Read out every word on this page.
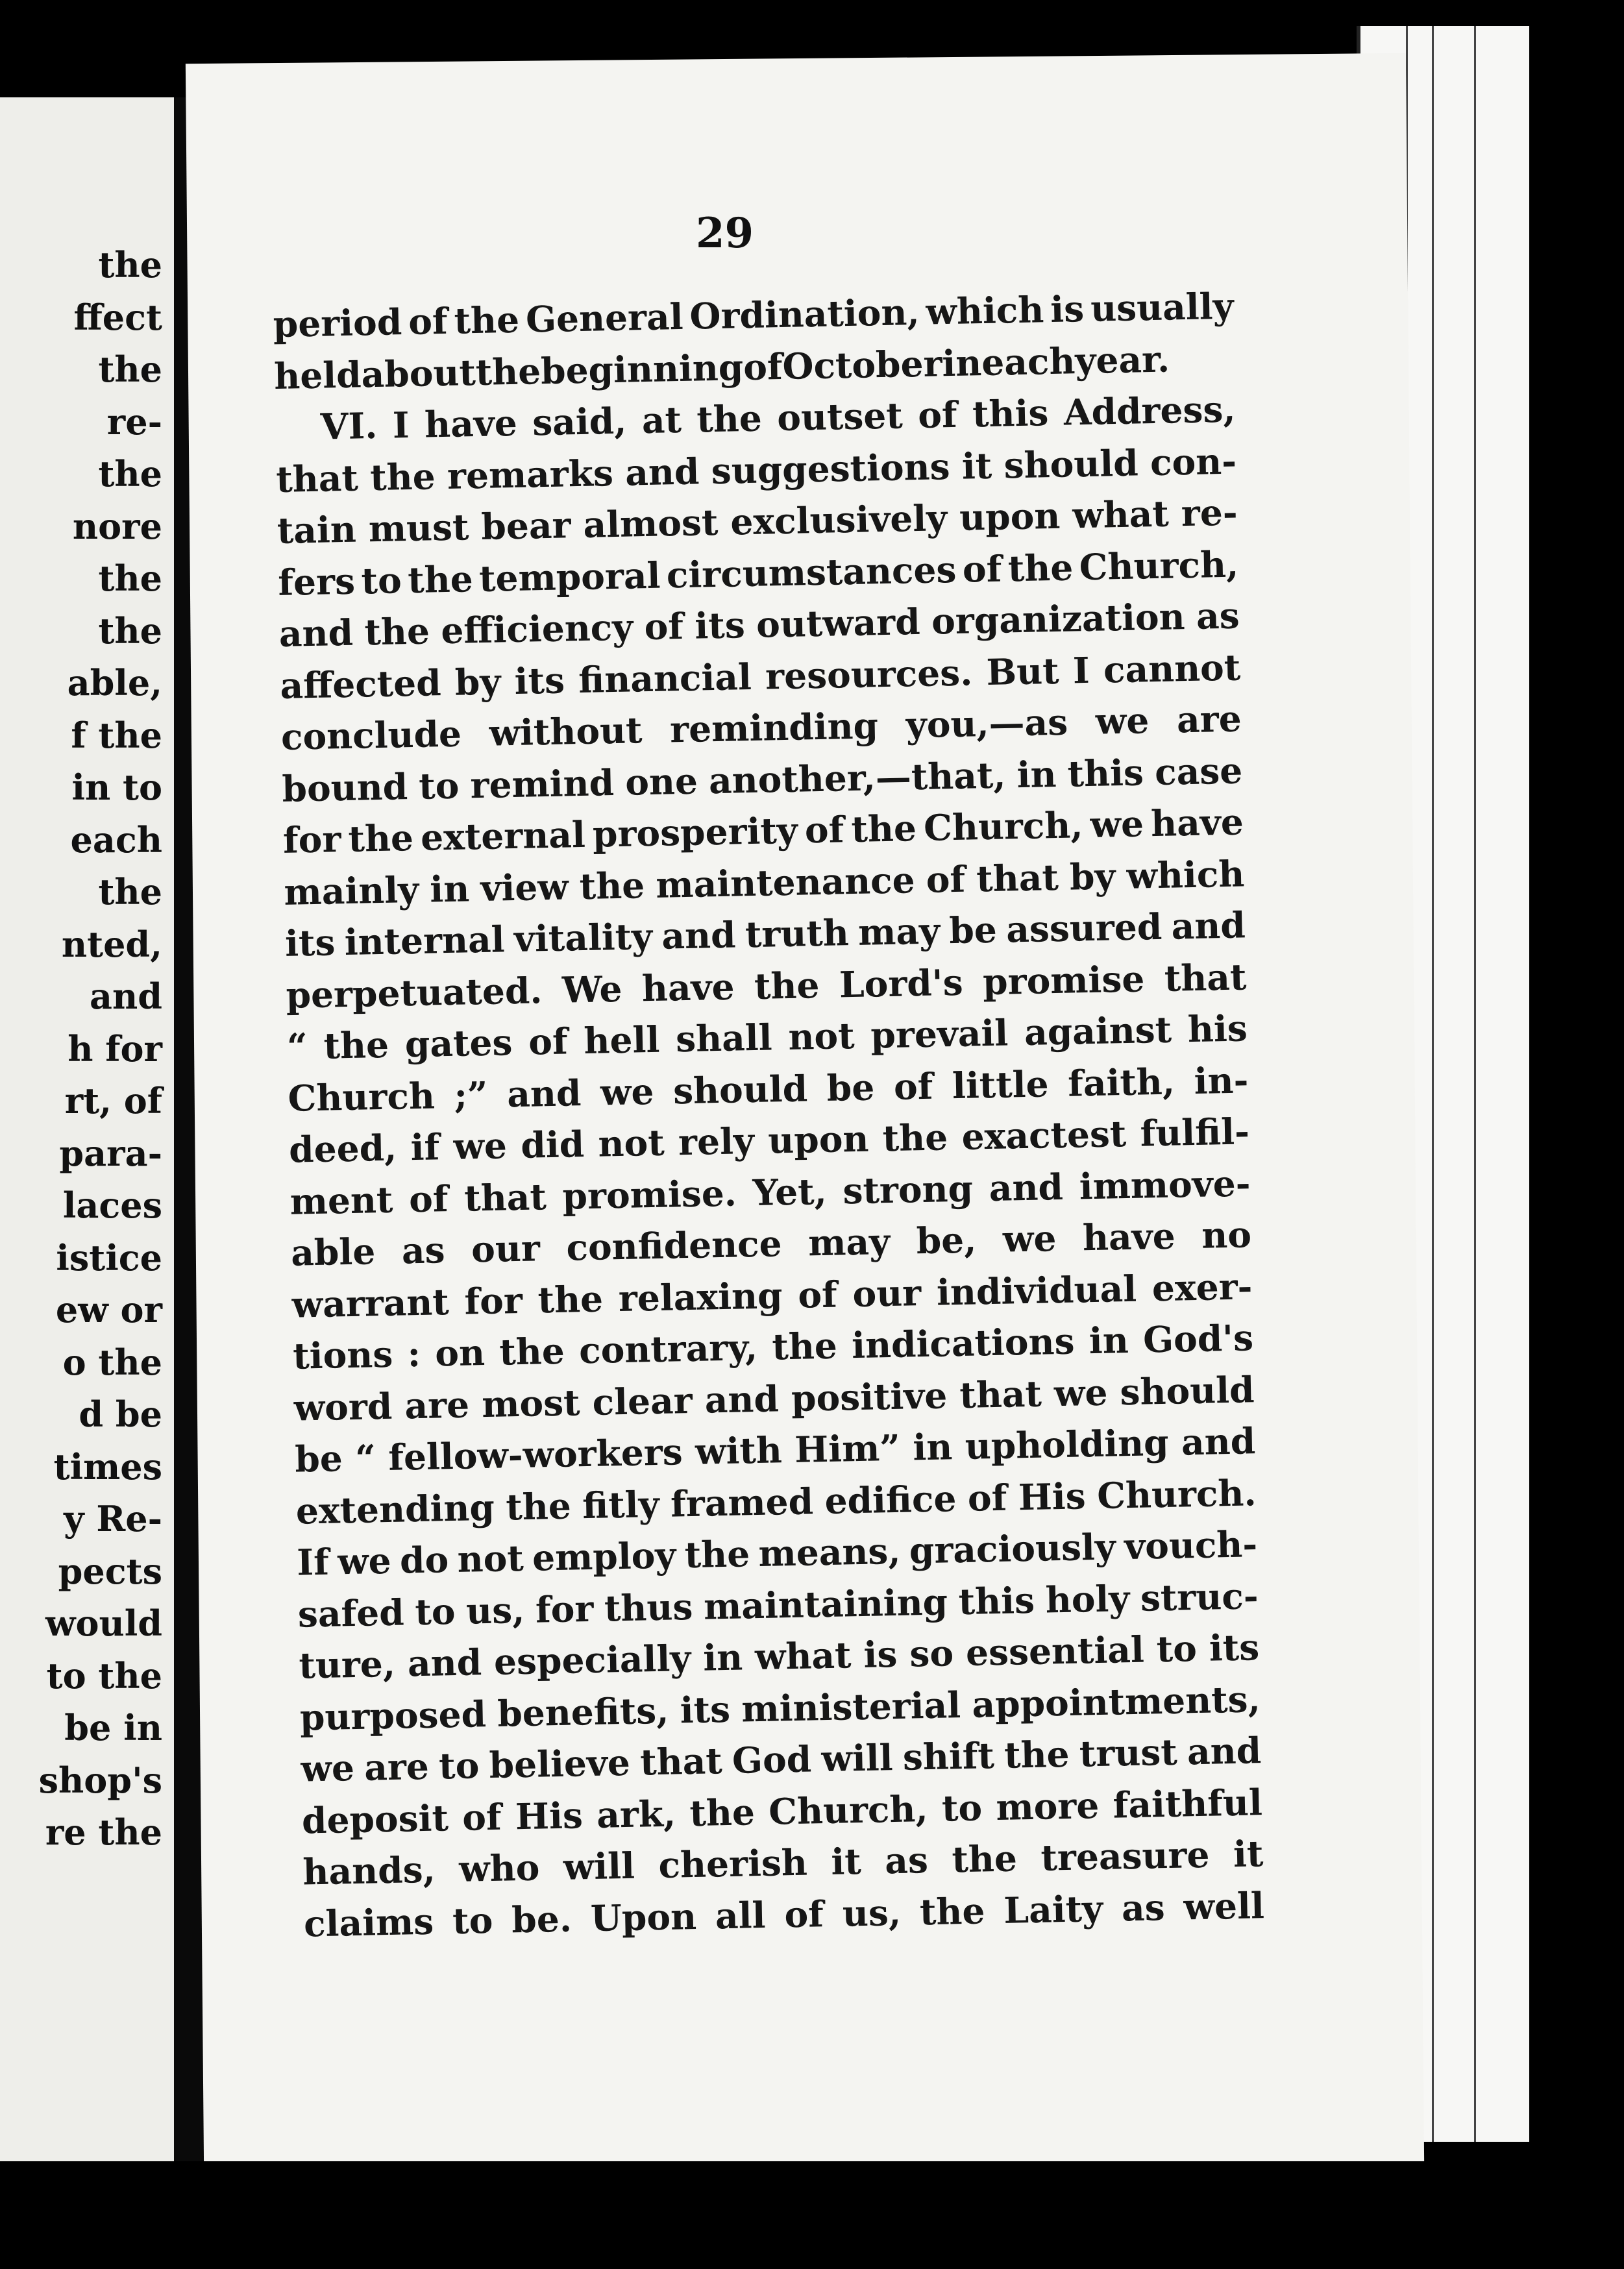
the
ffect
the
re-
the
nore
the
the
able,
f the
in to
each
the
nted,
and
h for
rt, of
para-
laces
istice
ew or
o the
d be
times
y Re-
pects
would
to the
be in
shop's
re the
29
period of the General Ordination, which is usually
held
about
the
beginning
of
October
in
each
year.
VI. I have said, at the outset of this Address,
that the remarks and suggestions it should con-
tain must bear almost exclusively upon what re-
fers to the temporal circumstances of the Church,
and the efficiency of its outward organization as
affected by its financial resources. But I cannot
conclude without reminding you,—as we are
bound to remind one another,—that, in this case
for the external prosperity of the Church, we have
mainly in view the maintenance of that by which
its internal vitality and truth may be assured and
perpetuated. We have the Lord's promise that
“ the gates of hell shall not prevail against his
Church ;” and we should be of little faith, in-
deed, if we did not rely upon the exactest fulfil-
ment of that promise. Yet, strong and immove-
able as our confidence may be, we have no
warrant for the relaxing of our individual exer-
tions : on the contrary, the indications in God's
word are most clear and positive that we should
be “ fellow-workers with Him” in upholding and
extending the fitly framed edifice of His Church.
If we do not employ the means, graciously vouch-
safed to us, for thus maintaining this holy struc-
ture, and especially in what is so essential to its
purposed benefits, its ministerial appointments,
we are to believe that God will shift the trust and
deposit of His ark, the Church, to more faithful
hands, who will cherish it as the treasure it
claims to be. Upon all of us, the Laity as well
